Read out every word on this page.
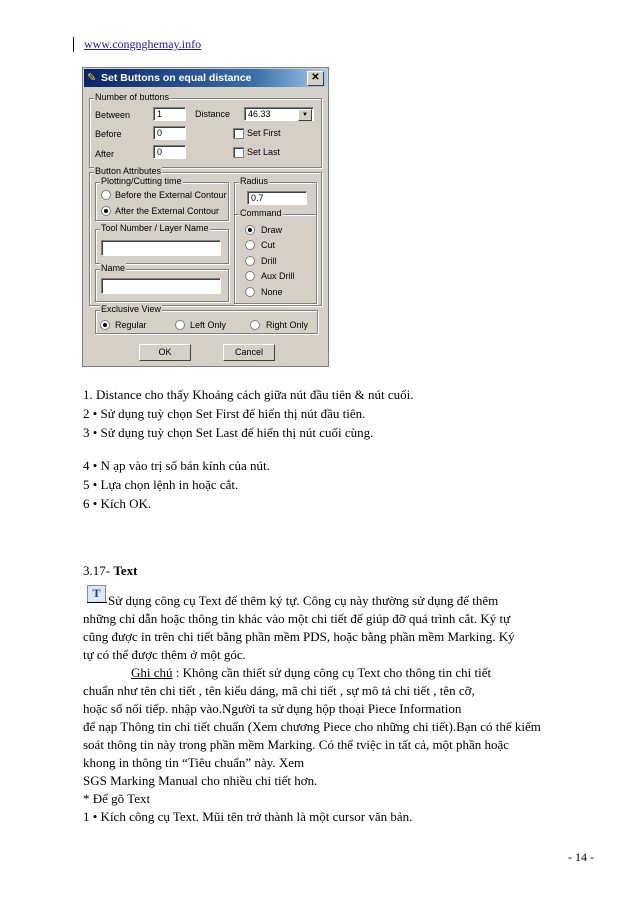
www.congnghemay.info
✎ Set Buttons on equal distance	✕
Number of buttons
Between	1	Distance	46.33	▼
Before	0	Set First
After	0	Set Last
Button Attributes
Plotting/Cutting time
Before the External Contour
After the External Contour
Radius
0.7
Tool Number / Layer Name
Name
Command
Draw
Cut
Drill
Aux Drill
None
Exclusive View
Regular	Left Only	Right Only
OK	Cancel
1. Distance cho thấy Khoảng cách giữa nút đầu tiên & nút cuối.
2 • Sử dụng tuỳ chọn Set First để hiển thị nút đầu tiên.
3 • Sử dụng tuỳ chọn Set Last để hiển thị nút cuối cùng.
4 • N ạp vào trị số bán kính của nút.
5 • Lựa chọn lệnh in hoặc cắt.
6 • Kích OK.
3.17- Text
T Sử dụng công cụ Text để thêm ký tự. Công cụ này thường sử dụng để thêm
những chỉ dẫn hoặc thông tin khác vào một chi tiết để giúp đỡ quá trình cắt. Ký tự
cũng được in trên chi tiết bằng phần mềm PDS, hoặc bằng phần mềm Marking. Ký
tự có thể được thêm ở một góc.
Ghi chú : Không cần thiết sử dụng công cụ Text cho thông tin chi tiết
chuẩn như tên chi tiết , tên kiểu dáng, mã chi tiết , sự mô tả chi tiết , tên cỡ,
hoặc số nối tiếp. nhập vào.Người ta sử dụng hộp thoại Piece Information
để nạp Thông tin chi tiết chuẩn (Xem chương Piece cho những chi tiết).Bạn có thể kiểm
soát thông tin này trong phần mềm Marking. Có thể tviệc in tất cả, một phần hoặc
khong in thông tin “Tiêu chuẩn” này. Xem
SGS Marking Manual cho nhiều chi tiết hơn.
* Để gõ Text
1 • Kích công cụ Text. Mũi tên trở thành là một cursor văn bản.
- 14 -
